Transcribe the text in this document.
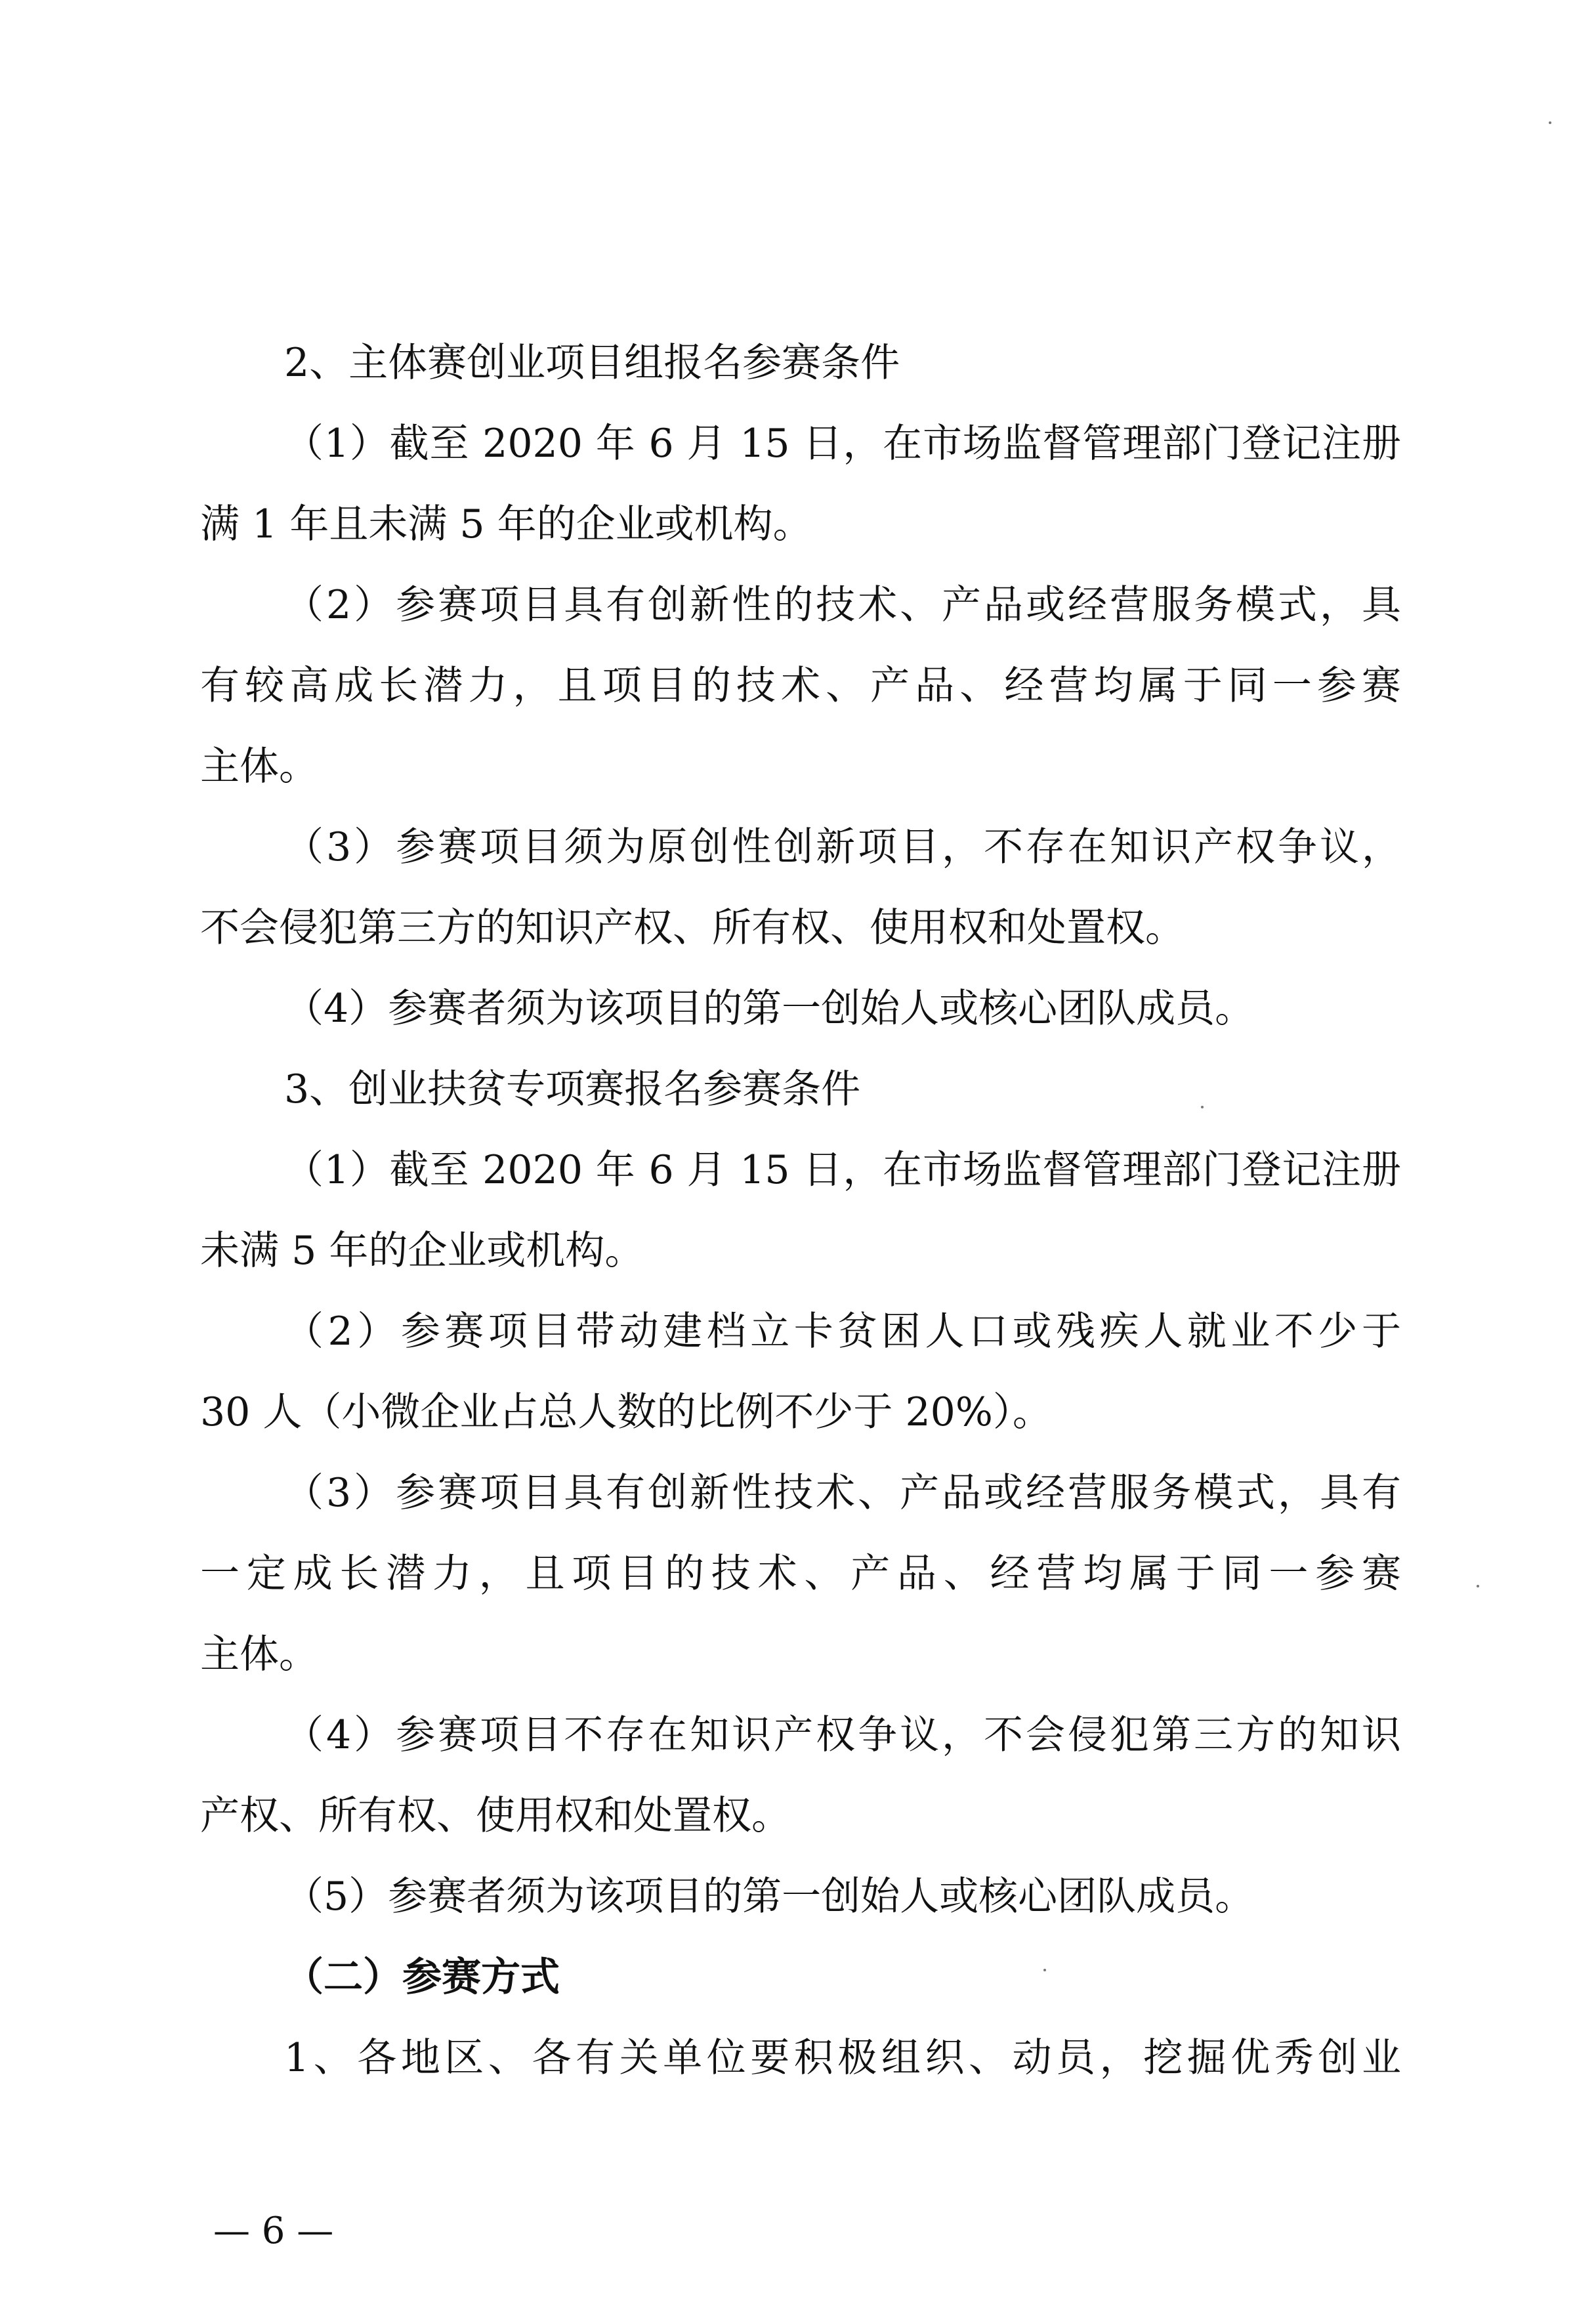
2、主体赛创业项目组报名参赛条件
（1）截至 2020 年 6 月 15 日，在市场监督管理部门登记注册
满 1 年且未满 5 年的企业或机构。
（2）参赛项目具有创新性的技术、产品或经营服务模式，具
有较高成长潜力，且项目的技术、产品、经营均属于同一参赛
主体。
（3）参赛项目须为原创性创新项目，不存在知识产权争议，
不会侵犯第三方的知识产权、所有权、使用权和处置权。
（4）参赛者须为该项目的第一创始人或核心团队成员。
3、创业扶贫专项赛报名参赛条件
（1）截至 2020 年 6 月 15 日，在市场监督管理部门登记注册
未满 5 年的企业或机构。
（2）参赛项目带动建档立卡贫困人口或残疾人就业不少于
30 人（小微企业占总人数的比例不少于 20%）。
（3）参赛项目具有创新性技术、产品或经营服务模式，具有
一定成长潜力，且项目的技术、产品、经营均属于同一参赛
主体。
（4）参赛项目不存在知识产权争议，不会侵犯第三方的知识
产权、所有权、使用权和处置权。
（5）参赛者须为该项目的第一创始人或核心团队成员。
（二）参赛方式
1、各地区、各有关单位要积极组织、动员，挖掘优秀创业
— 6 —
